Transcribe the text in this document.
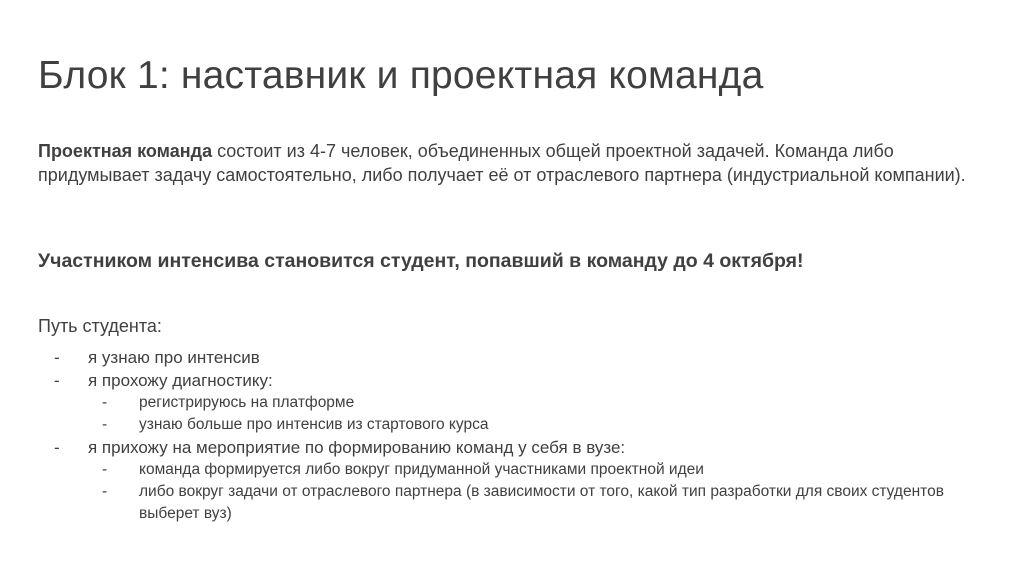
Блок 1: наставник и проектная команда
Проектная команда состоит из 4-7 человек, объединенных общей проектной задачей. Команда либо придумывает задачу самостоятельно, либо получает её от отраслевого партнера (индустриальной компании).
Участником интенсива становится студент, попавший в команду до 4 октября!
Путь студента:
-	я узнаю про интенсив
-	я прохожу диагностику:
-	регистрируюсь на платформе
-	узнаю больше про интенсив из стартового курса
-	я прихожу на мероприятие по формированию команд у себя в вузе:
-	команда формируется либо вокруг придуманной участниками проектной идеи
-	либо вокруг задачи от отраслевого партнера (в зависимости от того, какой тип разработки для своих студентов выберет вуз)
